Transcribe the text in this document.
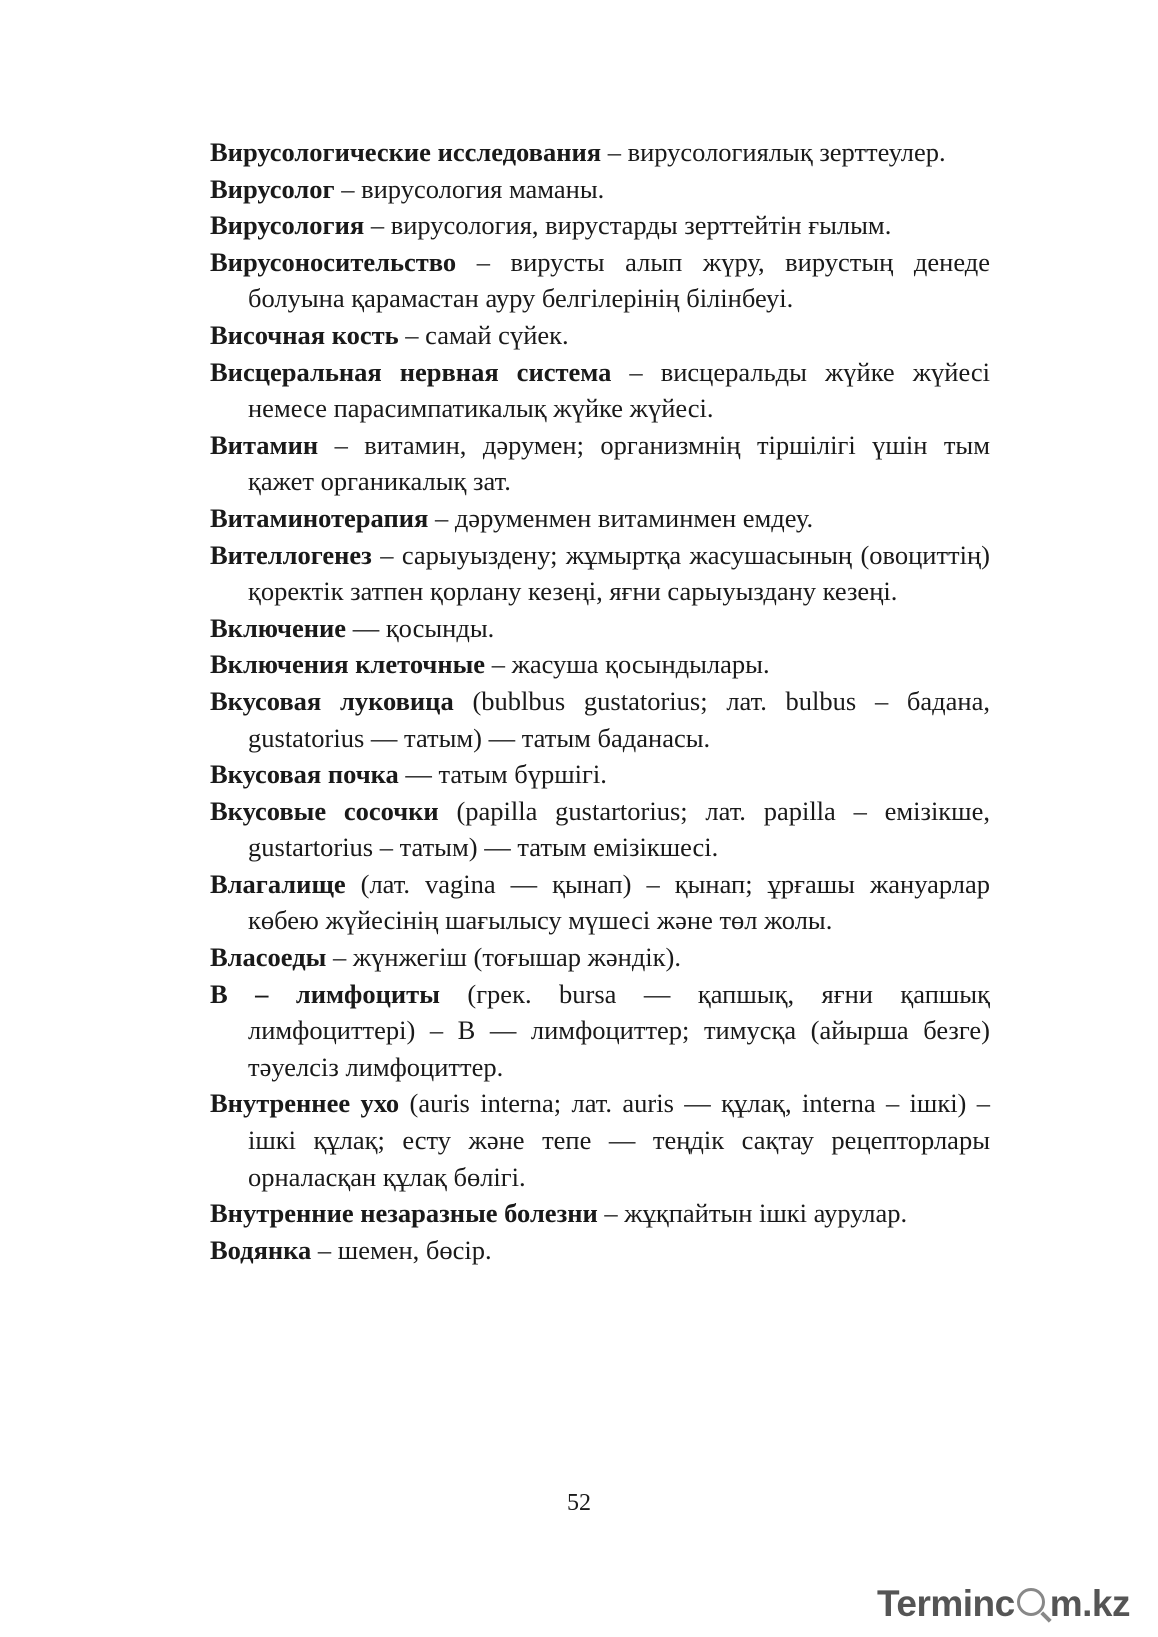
Вирусологические исследования – вирусологиялық зерттеулер.
Вирусолог – вирусология маманы.
Вирусология – вирусология, вирустарды зерттейтін ғылым.
Вирусоносительство – вирусты алып жүру, вирустың денеде болуына қарамастан ауру белгілерінің білінбеуі.
Височная кость – самай сүйек.
Висцеральная нервная система – висцеральды жүйке жүйесі немесе парасимпатикалық жүйке жүйесі.
Витамин – витамин, дәрумен; организмнің тіршілігі үшін тым қажет органикалық зат.
Витаминотерапия – дәруменмен витаминмен емдеу.
Вителлогенез – сарыуыздену; жұмыртқа жасушасының (овоциттің) қоректік затпен қорлану кезеңі, яғни сарыуыздану кезеңі.
Включение — қосынды.
Включения клеточные – жасуша қосындылары.
Вкусовая луковица (bublbus gustatorius; лат. bulbus – бадана, gustatorius — татым) — татым баданасы.
Вкусовая почка — татым бүршігі.
Вкусовые сосочки (papilla gustartorius; лат. papilla – емізікше, gustartorius – татым) — татым емізікшесі.
Влагалище (лат. vagina — қынап) – қынап; ұрғашы жануарлар көбею жүйесінің шағылысу мүшесі және төл жолы.
Власоеды – жүнжегіш (тоғышар жәндік).
В – лимфоциты (грек. bursa — қапшық, яғни қапшық лимфоциттері) – В — лимфоциттер; тимусқа (айырша безге) тәуелсіз лимфоциттер.
Внутреннее ухо (auris interna; лат. auris — құлақ, interna – ішкі) – ішкі құлақ; есту және тепе — теңдік сақтау рецепторлары орналасқан құлақ бөлігі.
Внутренние незаразные болезни – жұқпайтын ішкі аурулар.
Водянка – шемен, бөсір.
52
Terminc m.kz
